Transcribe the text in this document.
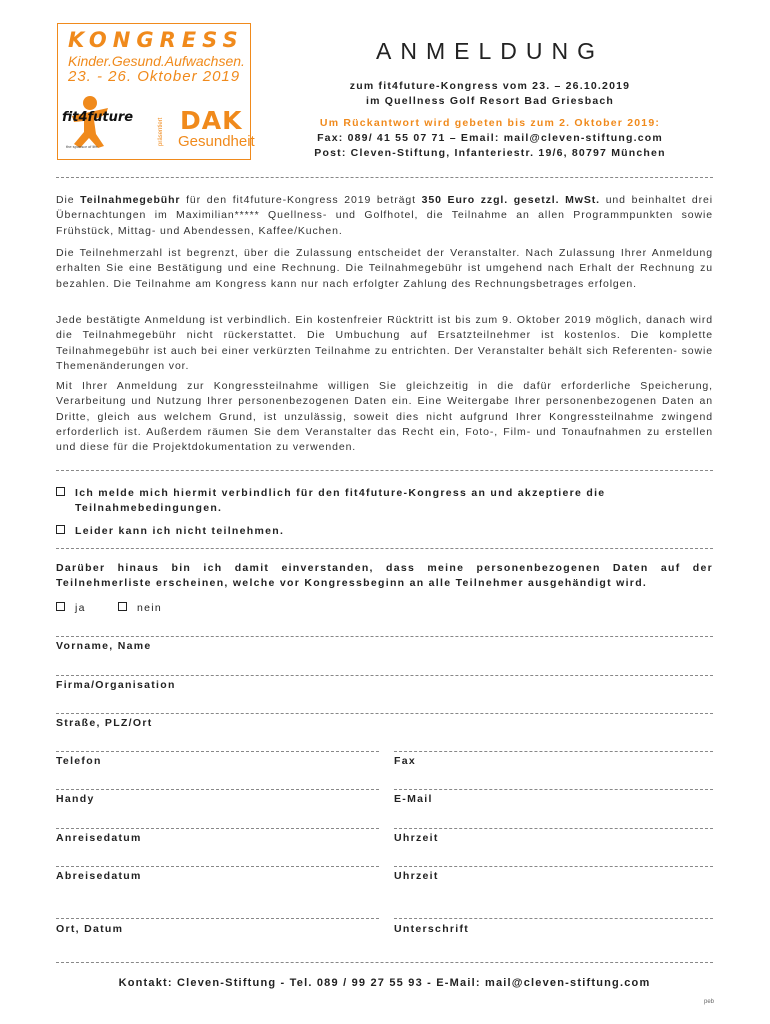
KONGRESS
Kinder.Gesund.Aufwachsen.
23. - 26. Oktober 2019
fit4future
the sponsor of life
präsentiert DAK
Gesundheit
ANMELDUNG
zum fit4future-Kongress vom 23. – 26.10.2019
im Quellness Golf Resort Bad Griesbach
Um Rückantwort wird gebeten bis zum 2. Oktober 2019:
Fax: 089/ 41 55 07 71 – Email: mail@cleven-stiftung.com
Post: Cleven-Stiftung, Infanteriestr. 19/6, 80797 München
Die Teilnahmegebühr für den fit4future-Kongress 2019 beträgt 350 Euro zzgl. gesetzl. MwSt. und beinhaltet drei Übernachtungen im Maximilian***** Quellness- und Golfhotel, die Teilnahme an allen Programmpunkten sowie Frühstück, Mittag- und Abendessen, Kaffee/Kuchen.
Die Teilnehmerzahl ist begrenzt, über die Zulassung entscheidet der Veranstalter. Nach Zulassung Ihrer Anmeldung erhalten Sie eine Bestätigung und eine Rechnung. Die Teilnahmegebühr ist umgehend nach Erhalt der Rechnung zu bezahlen. Die Teilnahme am Kongress kann nur nach erfolgter Zahlung des Rechnungsbetrages erfolgen.
Jede bestätigte Anmeldung ist verbindlich. Ein kostenfreier Rücktritt ist bis zum 9. Oktober 2019 möglich, danach wird die Teilnahmegebühr nicht rückerstattet. Die Umbuchung auf Ersatzteilnehmer ist kostenlos. Die komplette Teilnahmegebühr ist auch bei einer verkürzten Teilnahme zu entrichten. Der Veranstalter behält sich Referenten- sowie Themenänderungen vor.
Mit Ihrer Anmeldung zur Kongressteilnahme willigen Sie gleichzeitig in die dafür erforderliche Speicherung, Verarbeitung und Nutzung Ihrer personenbezogenen Daten ein. Eine Weitergabe Ihrer personenbezogenen Daten an Dritte, gleich aus welchem Grund, ist unzulässig, soweit dies nicht aufgrund Ihrer Kongressteilnahme zwingend erforderlich ist. Außerdem räumen Sie dem Veranstalter das Recht ein, Foto-, Film- und Tonaufnahmen zu erstellen und diese für die Projektdokumentation zu verwenden.
Ich melde mich hiermit verbindlich für den fit4future-Kongress an und akzeptiere die Teilnahmebedingungen.
Leider kann ich nicht teilnehmen.
Darüber hinaus bin ich damit einverstanden, dass meine personenbezogenen Daten auf der Teilnehmerliste erscheinen, welche vor Kongressbeginn an alle Teilnehmer ausgehändigt wird.
ja	nein
Vorname, Name
Firma/Organisation
Straße, PLZ/Ort
Telefon	Fax
Handy	E-Mail
Anreisedatum	Uhrzeit
Abreisedatum	Uhrzeit
Ort, Datum	Unterschrift
Kontakt: Cleven-Stiftung - Tel. 089 / 99 27 55 93 - E-Mail: mail@cleven-stiftung.com
peb
